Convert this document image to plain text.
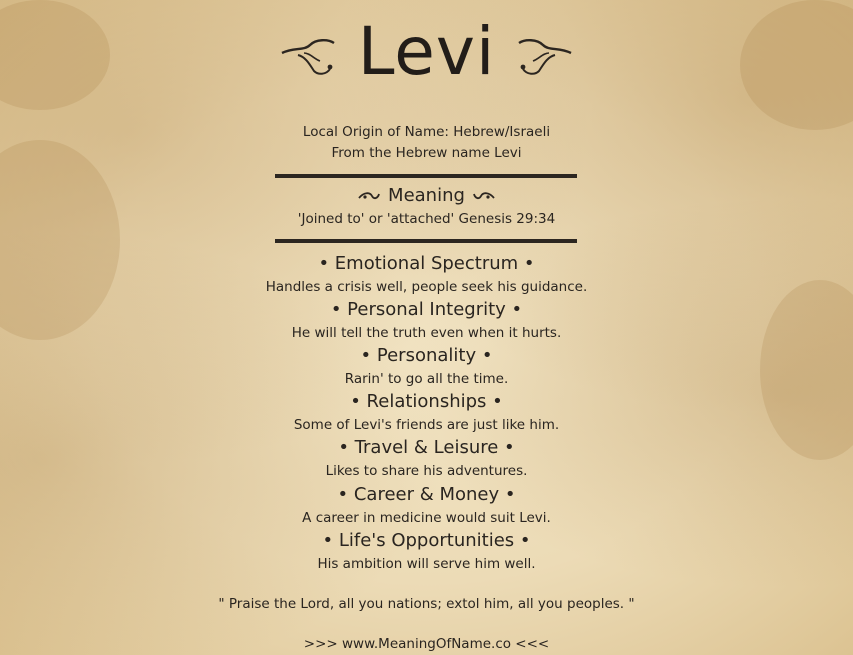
Levi
Local Origin of Name: Hebrew/Israeli
From the Hebrew name Levi
Meaning
'Joined to' or 'attached' Genesis 29:34
• Emotional Spectrum •
Handles a crisis well, people seek his guidance.
• Personal Integrity •
He will tell the truth even when it hurts.
• Personality •
Rarin' to go all the time.
• Relationships •
Some of Levi's friends are just like him.
• Travel & Leisure •
Likes to share his adventures.
• Career & Money •
A career in medicine would suit Levi.
• Life's Opportunities •
His ambition will serve him well.
" Praise the Lord, all you nations; extol him, all you peoples. "
>>> www.MeaningOfName.co <<<
